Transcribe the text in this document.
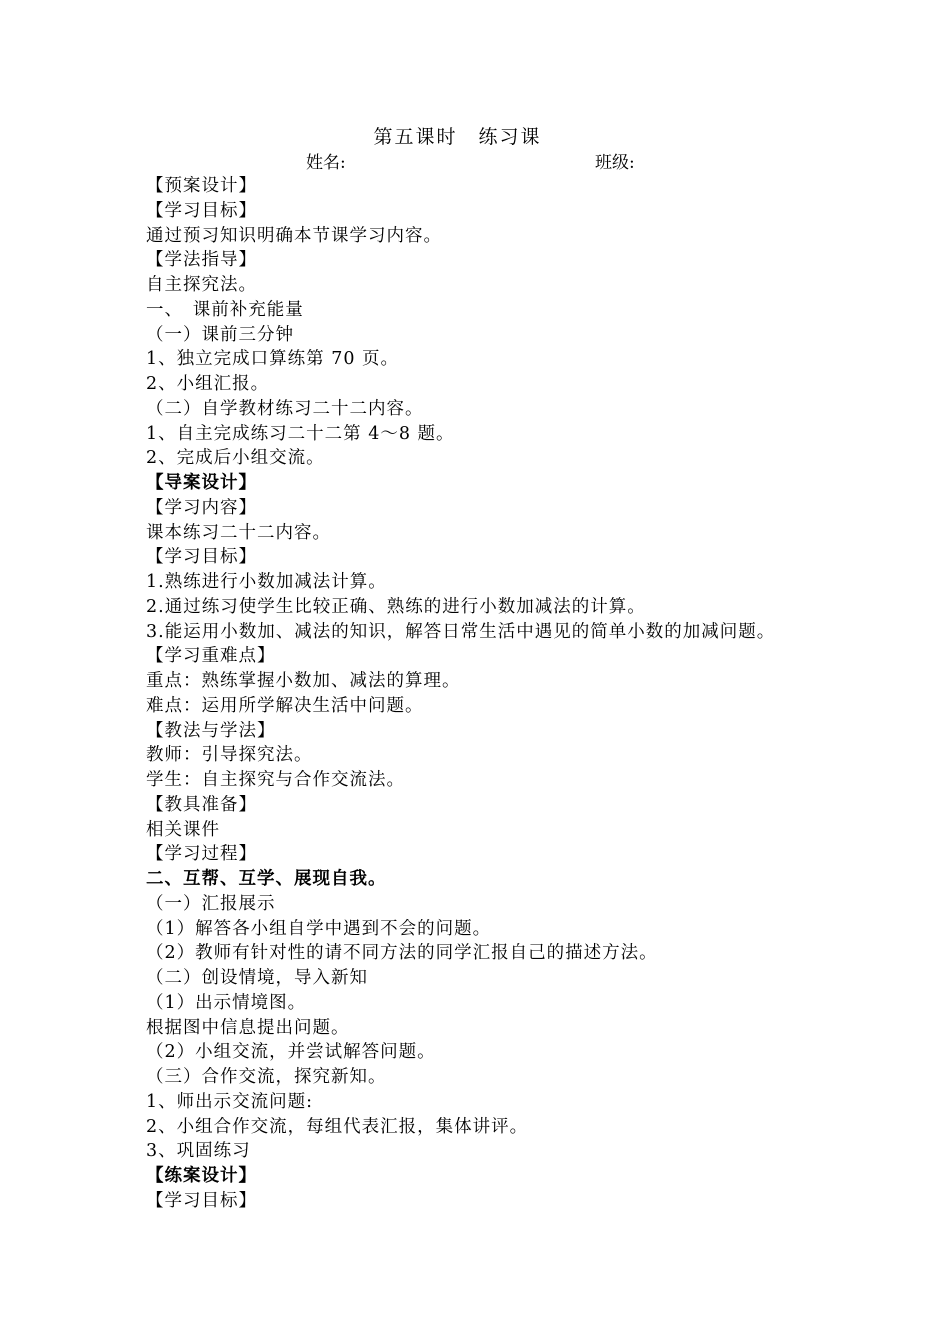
第五课时　练习课
姓名:	班级:
【预案设计】
【学习目标】
通过预习知识明确本节课学习内容。
【学法指导】
自主探究法。
一、　课前补充能量
（一）课前三分钟
1、独立完成口算练第 70 页。
2、小组汇报。
（二）自学教材练习二十二内容。
1、自主完成练习二十二第 4～8 题。
2、完成后小组交流。
【导案设计】
【学习内容】
课本练习二十二内容。
【学习目标】
1.熟练进行小数加减法计算。
2.通过练习使学生比较正确、熟练的进行小数加减法的计算。
3.能运用小数加、减法的知识，解答日常生活中遇见的简单小数的加减问题。
【学习重难点】
重点：熟练掌握小数加、减法的算理。
难点：运用所学解决生活中问题。
【教法与学法】
教师：引导探究法。
学生：自主探究与合作交流法。
【教具准备】
相关课件
【学习过程】
二、互帮、互学、展现自我。
（一）汇报展示
（1）解答各小组自学中遇到不会的问题。
（2）教师有针对性的请不同方法的同学汇报自己的描述方法。
（二）创设情境，导入新知
（1）出示情境图。
根据图中信息提出问题。
（2）小组交流，并尝试解答问题。
（三）合作交流，探究新知。
1、师出示交流问题:
2、小组合作交流，每组代表汇报，集体讲评。
3、巩固练习
【练案设计】
【学习目标】
